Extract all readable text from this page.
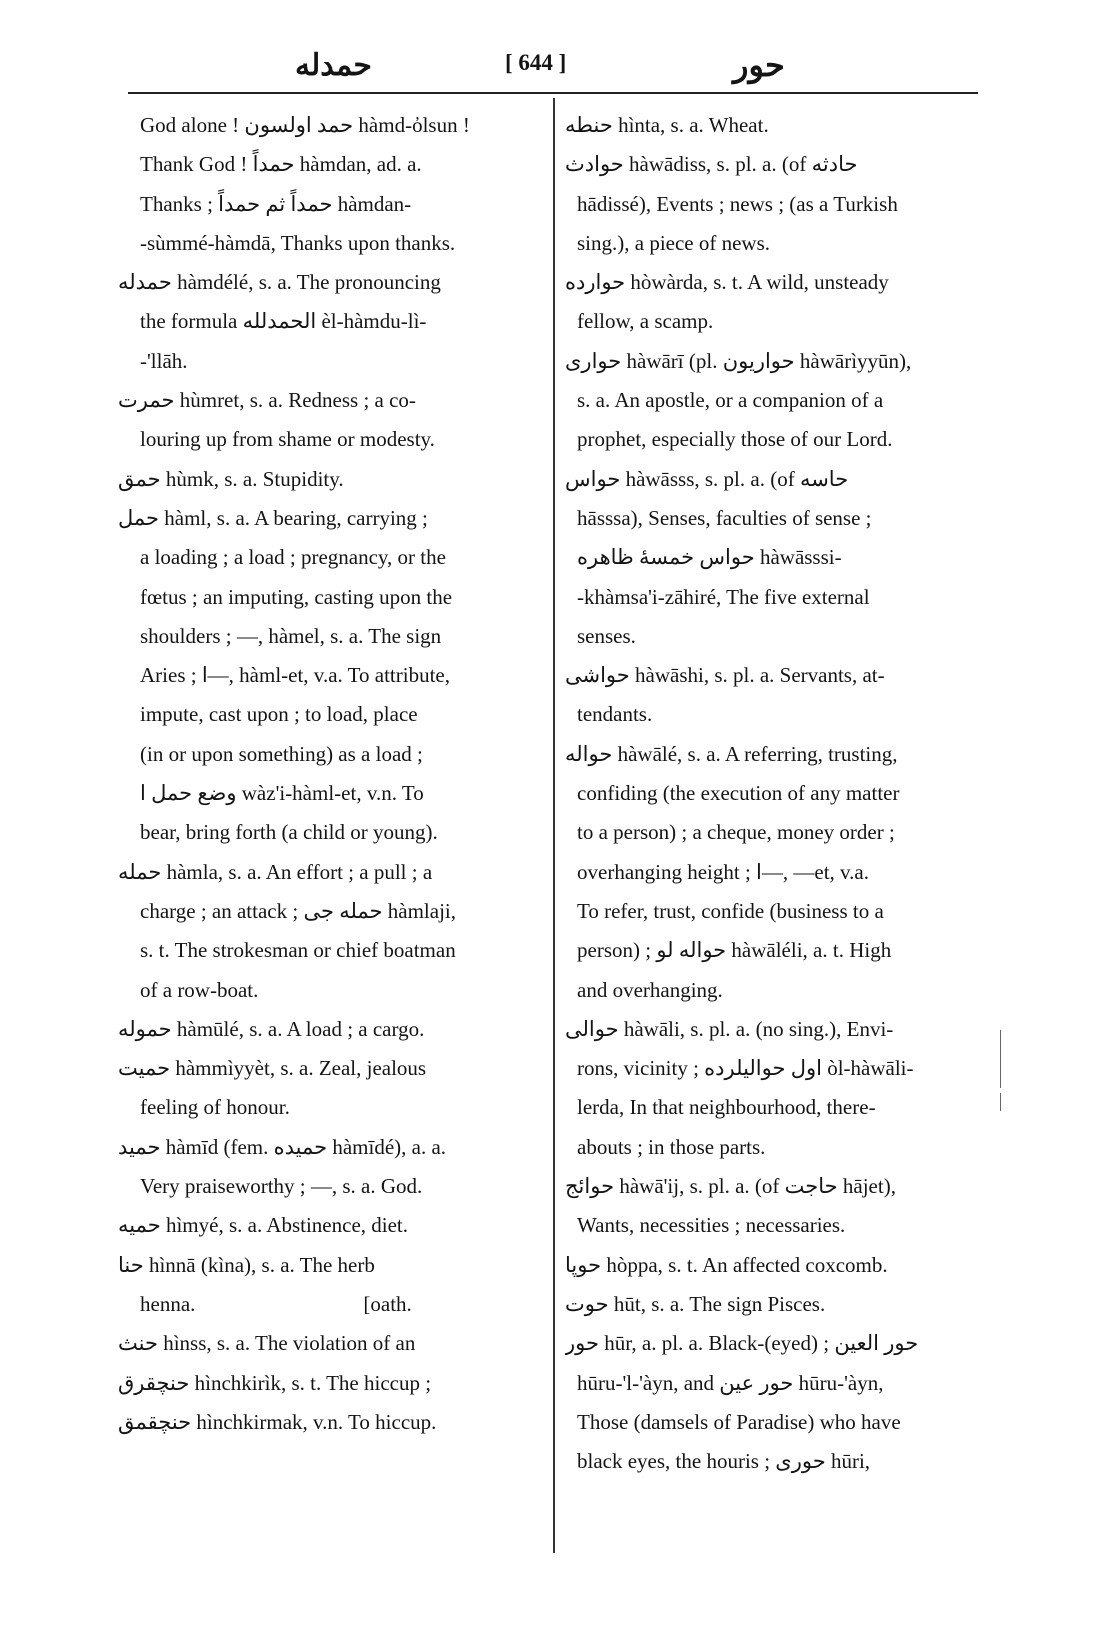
حمدله	[ 644 ]	حور
God alone ! حمد اولسون hàmd-ὀlsun !
Thank God ! حمداً hàmdan, ad. a.
Thanks ; حمداً ثم حمداً hàmdan-
-sùmmé-hàmdā, Thanks upon thanks.
حمدله hàmdélé, s. a. The pronouncing
the formula الحمدلله èl-hàmdu-lì-
-'llāh.
حمرت hùmret, s. a. Redness ; a co-
louring up from shame or modesty.
حمق hùmk, s. a. Stupidity.
حمل hàml, s. a. A bearing, carrying ;
a loading ; a load ; pregnancy, or the
fœtus ; an imputing, casting upon the
shoulders ; —, hàmel, s. a. The sign
Aries ; ا—, hàml-et, v.a. To attribute,
impute, cast upon ; to load, place
(in or upon something) as a load ;
وضع حمل ا wàz'i-hàml-et, v.n. To
bear, bring forth (a child or young).
حمله hàmla, s. a. An effort ; a pull ; a
charge ; an attack ; حمله جی hàmlaji,
s. t. The strokesman or chief boatman
of a row-boat.
حموله hàmūlé, s. a. A load ; a cargo.
حمیت hàmmìyyèt, s. a. Zeal, jealous
feeling of honour.
حمید hàmīd (fem. حمیده hàmīdé), a. a.
Very praiseworthy ; —, s. a. God.
حمیه hìmyé, s. a. Abstinence, diet.
حنا hìnnā (kìna), s. a. The herb
henna.                                [oath.
حنث hìnss, s. a. The violation of an
حنچقرق hìnchkirìk, s. t. The hiccup ;
حنچقمق hìnchkirmak, v.n. To hiccup.
حنطه hìnta, s. a. Wheat.
حوادث hàwādiss, s. pl. a. (of حادثه
hādissé), Events ; news ; (as a Turkish
sing.), a piece of news.
حوارده hòwàrda, s. t. A wild, unsteady
fellow, a scamp.
حواری hàwārī (pl. حواریون hàwārìyyūn),
s. a. An apostle, or a companion of a
prophet, especially those of our Lord.
حواس hàwāsss, s. pl. a. (of حاسه
hāsssa), Senses, faculties of sense ;
حواس خمسهٔ ظاهره hàwāsssi-
-khàmsa'i-zāhiré, The five external
senses.
حواشی hàwāshi, s. pl. a. Servants, at-
tendants.
حواله hàwālé, s. a. A referring, trusting,
confiding (the execution of any matter
to a person) ; a cheque, money order ;
overhanging height ; ا—, —et, v.a.
To refer, trust, confide (business to a
person) ; حواله لو hàwāléli, a. t. High
and overhanging.
حوالی hàwāli, s. pl. a. (no sing.), Envi-
rons, vicinity ; اول حوالیلرده òl-hàwāli-
lerda, In that neighbourhood, there-
abouts ; in those parts.
حوائج hàwā'ij, s. pl. a. (of حاجت hājet),
Wants, necessities ; necessaries.
حوپا hòppa, s. t. An affected coxcomb.
حوت hūt, s. a. The sign Pisces.
حور hūr, a. pl. a. Black-(eyed) ; حور العین
hūru-'l-'àyn, and حور عین hūru-'àyn,
Those (damsels of Paradise) who have
black eyes, the houris ; حوری hūri,
